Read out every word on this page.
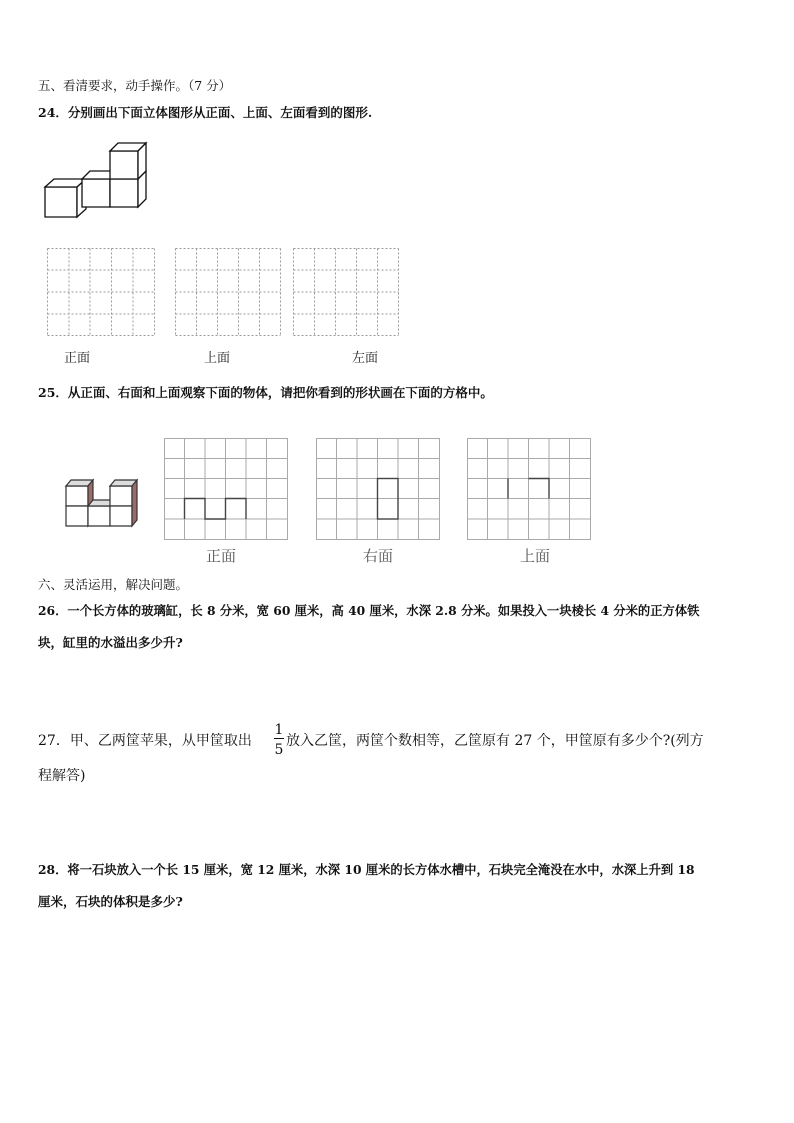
五、看清要求，动手操作。（7 分）
24．分别画出下面立体图形从正面、上面、左面看到的图形.
正面	上面	左面
25．从正面、右面和上面观察下面的物体，请把你看到的形状画在下面的方格中。
正面	右面	上面
六、灵活运用，解决问题。
26．一个长方体的玻璃缸，长 8 分米，宽 60 厘米，高 40 厘米，水深 2.8 分米。如果投入一块棱长 4 分米的正方体铁
块，缸里的水溢出多少升?
27．甲、乙两筐苹果，从甲筐取出
1
5
放入乙筐，两筐个数相等，乙筐原有 27 个，甲筐原有多少个?(列方
程解答)
28．将一石块放入一个长 15 厘米，宽 12 厘米，水深 10 厘米的长方体水槽中，石块完全淹没在水中，水深上升到 18
厘米，石块的体积是多少?
